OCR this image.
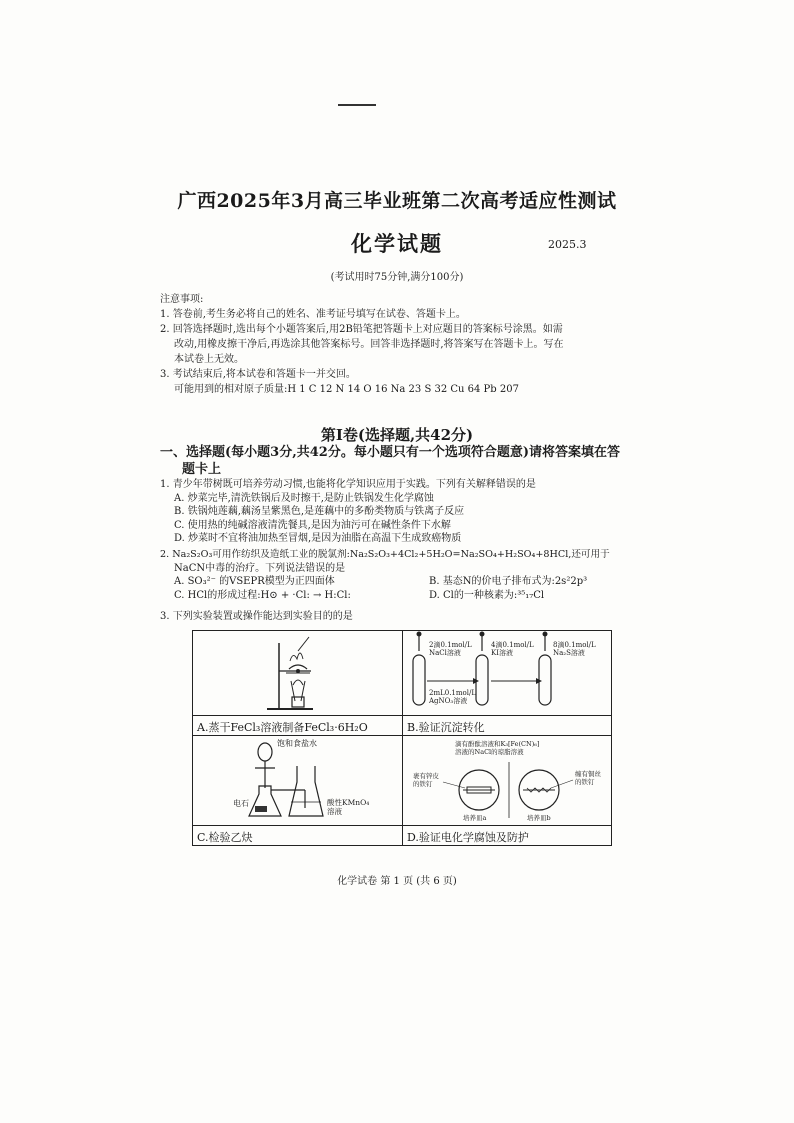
广西2025年3月高三毕业班第二次高考适应性测试
化学试题	2025.3
(考试用时75分钟,满分100分)
注意事项:
1. 答卷前,考生务必将自己的姓名、准考证号填写在试卷、答题卡上。
2. 回答选择题时,选出每个小题答案后,用2B铅笔把答题卡上对应题目的答案标号涂黑。如需
改动,用橡皮擦干净后,再选涂其他答案标号。回答非选择题时,将答案写在答题卡上。写在
本试卷上无效。
3. 考试结束后,将本试卷和答题卡一并交回。
可能用到的相对原子质量:H 1 C 12 N 14 O 16 Na 23 S 32 Cu 64 Pb 207
第Ⅰ卷(选择题,共42分)
一、选择题(每小题3分,共42分。每小题只有一个选项符合题意)请将答案填在答
题卡上
1. 青少年带树既可培养劳动习惯,也能将化学知识应用于实践。下列有关解释错误的是
A. 炒菜完毕,清洗铁锅后及时擦干,是防止铁锅发生化学腐蚀
B. 铁锅炖莲藕,藕汤呈紫黑色,是莲藕中的多酚类物质与铁离子反应
C. 使用热的纯碱溶液清洗餐具,是因为油污可在碱性条件下水解
D. 炒菜时不宜将油加热至冒烟,是因为油脂在高温下生成致癌物质
2. Na₂S₂O₃可用作纺织及造纸工业的脱氯剂:Na₂S₂O₃+4Cl₂+5H₂O=Na₂SO₄+H₂SO₄+8HCl,还可用于
NaCN中毒的治疗。下列说法错误的是
A. SO₃²⁻ 的VSEPR模型为正四面体	B. 基态N的价电子排布式为:2s²2p³
C. HCl的形成过程:H⊙ + ·Cl: → H:Cl:	D. Cl的一种核素为:³⁵₁₇Cl
3. 下列实验装置或操作能达到实验目的的是
A.蒸干FeCl₃溶液制备FeCl₃·6H₂O
2滴0.1mol/L
NaCl溶液
4滴0.1mol/L
KI溶液
8滴0.1mol/L
Na₂S溶液
2mL0.1mol/L
AgNO₃溶液
B.验证沉淀转化
饱和食盐水
电石	酸性KMnO₄
溶液
C.检验乙炔
滴有酚酞溶液和K₃[Fe(CN)₆]
溶液的NaCl的琼脂溶液
裹有锌皮
的铁钉
缠有铜丝
的铁钉
培养皿a	培养皿b
D.验证电化学腐蚀及防护
化学试卷 第 1 页 (共 6 页)
